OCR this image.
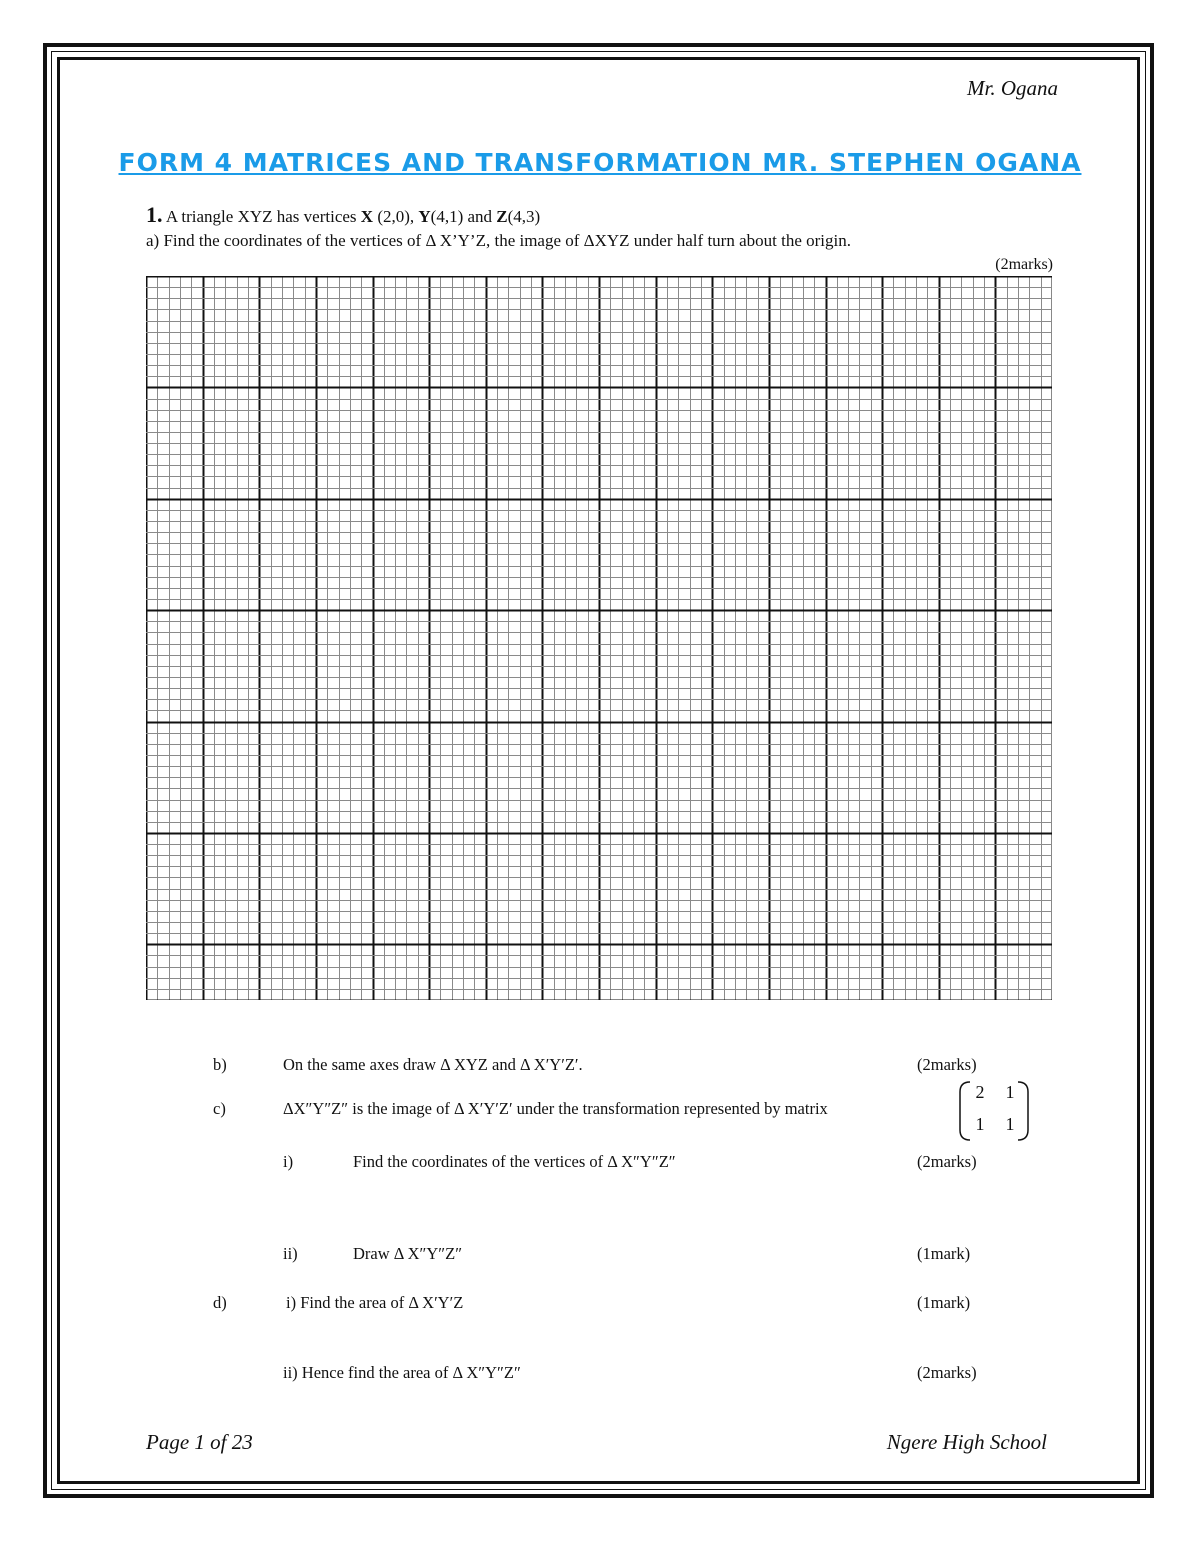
Mr. Ogana
FORM 4 MATRICES AND TRANSFORMATION MR. STEPHEN OGANA
1. A triangle XYZ has vertices X (2,0), Y(4,1) and Z(4,3)
a) Find the coordinates of the vertices of Δ X’Y’Z, the image of ΔXYZ under half turn about the origin.
(2marks)
b)	On the same axes draw Δ XYZ and Δ X′Y′Z′.	(2marks)
c)	ΔX″Y″Z″ is the image of Δ X′Y′Z′ under the transformation represented by matrix
2	1
1	1
i)	Find the coordinates of the vertices of Δ X″Y″Z″	(2marks)
ii)	Draw Δ X″Y″Z″	(1mark)
d)	i) Find the area of Δ X′Y′Z	(1mark)
ii) Hence find the area of Δ X″Y″Z″	(2marks)
Page 1 of 23	Ngere High School
